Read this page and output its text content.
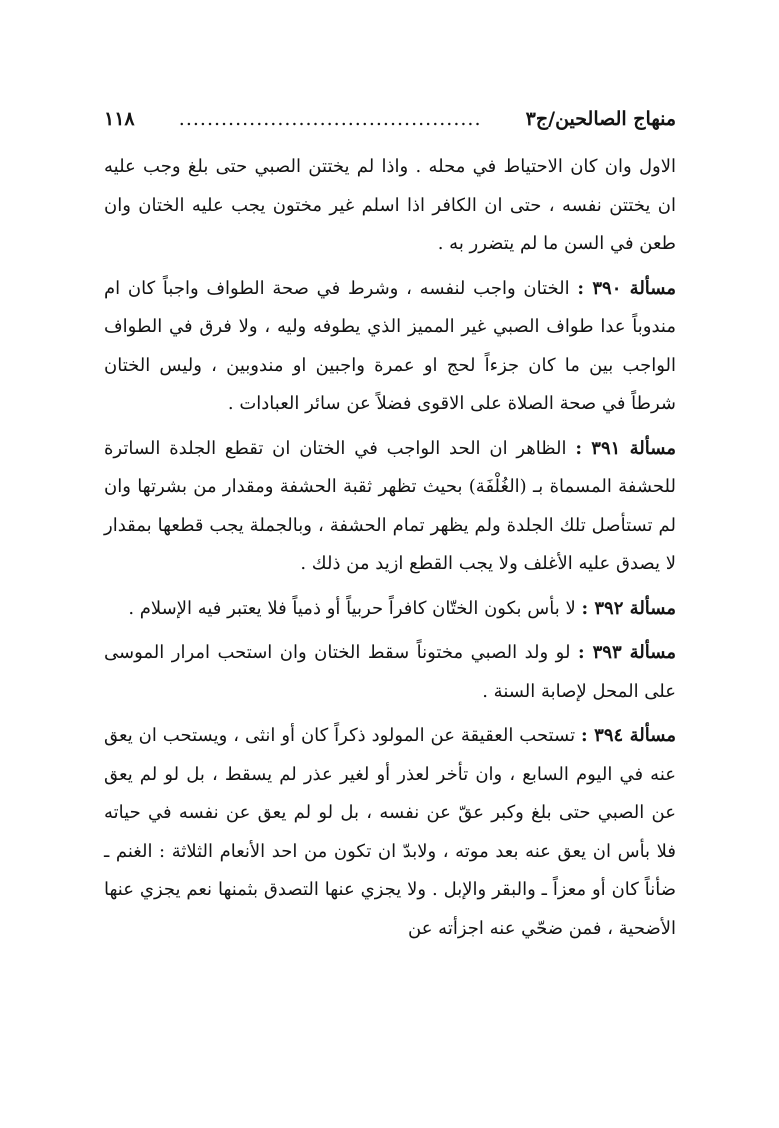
منهاج الصالحين/ج٣
...........................................
١١٨

الاول وان كان الاحتياط في محله . واذا لم يختتن الصبي حتى بلغ وجب عليه ان يختتن نفسه ، حتى ان الكافر اذا اسلم غير مختون يجب عليه الختان وان طعن في السن ما لم يتضرر به .

مسألة ٣٩٠ : الختان واجب لنفسه ، وشرط في صحة الطواف واجباً كان ام مندوباً عدا طواف الصبي غير المميز الذي يطوفه وليه ، ولا فرق في الطواف الواجب بين ما كان جزءاً لحج او عمرة واجبين او مندوبين ، وليس الختان شرطاً في صحة الصلاة على الاقوى فضلاً عن سائر العبادات .

مسألة ٣٩١ : الظاهر ان الحد الواجب في الختان ان تقطع الجلدة الساترة للحشفة المسماة بـ (الغُلْفَة) بحيث تظهر ثقبة الحشفة ومقدار من بشرتها وان لم تستأصل تلك الجلدة ولم يظهر تمام الحشفة ، وبالجملة يجب قطعها بمقدار لا يصدق عليه الأغلف ولا يجب القطع ازيد من ذلك .

مسألة ٣٩٢ : لا بأس بكون الختّان كافراً حربياً أو ذمياً فلا يعتبر فيه الإسلام .

مسألة ٣٩٣ : لو ولد الصبي مختوناً سقط الختان وان استحب امرار الموسى على المحل لإصابة السنة .

مسألة ٣٩٤ : تستحب العقيقة عن المولود ذكراً كان أو انثى ، ويستحب ان يعق عنه في اليوم السابع ، وان تأخر لعذر أو لغير عذر لم يسقط ، بل لو لم يعق عن الصبي حتى بلغ وكبر عقّ عن نفسه ، بل لو لم يعق عن نفسه في حياته فلا بأس ان يعق عنه بعد موته ، ولابدّ ان تكون من احد الأنعام الثلاثة : الغنم ـ ضأناً كان أو معزاً ـ والبقر والإبل . ولا يجزي عنها التصدق بثمنها نعم يجزي عنها الأضحية ، فمن ضحّي عنه اجزأته عن
